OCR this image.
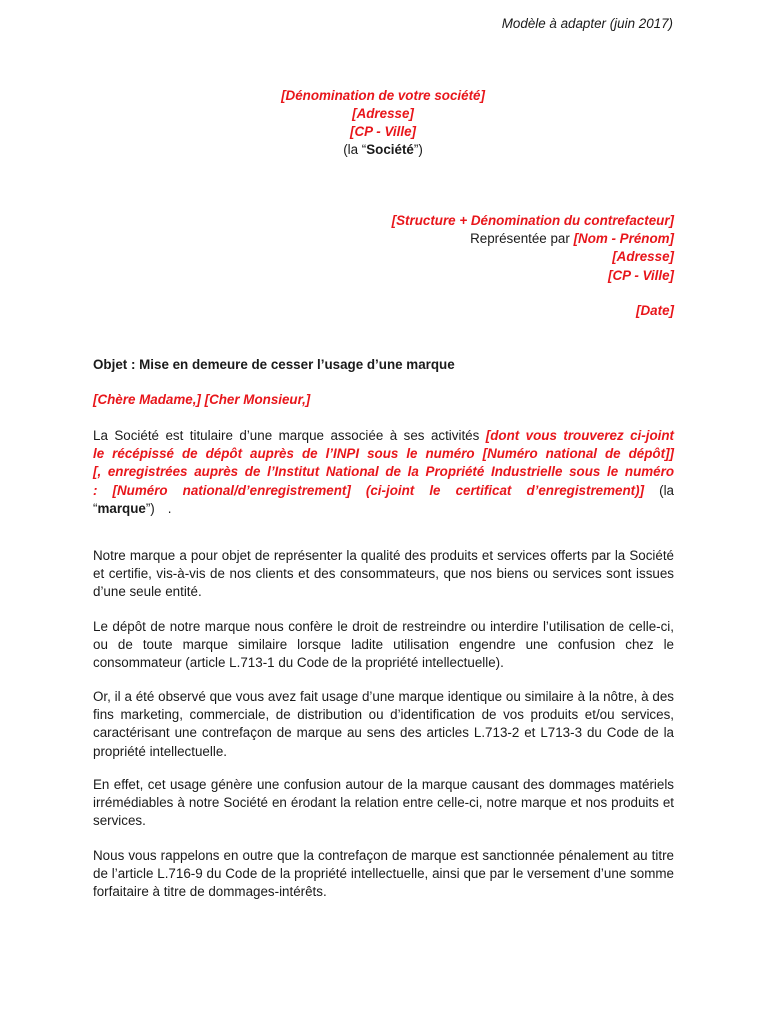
Modèle à adapter (juin 2017)
[Dénomination de votre société]
[Adresse]
[CP - Ville]
(la “Société”)
[Structure + Dénomination du contrefacteur]
Représentée par [Nom - Prénom]
[Adresse]
[CP - Ville]
[Date]
Objet : Mise en demeure de cesser l’usage d’une marque
[Chère Madame,] [Cher Monsieur,]
La Société est titulaire d’une marque associée à ses activités [dont vous trouverez ci-joint
le récépissé de dépôt auprès de l’INPI sous le numéro [Numéro national de dépôt]]
[, enregistrées auprès de l’Institut National de la Propriété Industrielle sous le numéro
: [Numéro national/d’enregistrement] (ci-joint le certificat d’enregistrement)] (la
“marque”) .
Notre marque a pour objet de représenter la qualité des produits et services offerts par la Société et certifie, vis-à-vis de nos clients et des consommateurs, que nos biens ou services sont issues d’une seule entité.
Le dépôt de notre marque nous confère le droit de restreindre ou interdire l’utilisation de celle-ci, ou de toute marque similaire lorsque ladite utilisation engendre une confusion chez le consommateur (article L.713-1 du Code de la propriété intellectuelle).
Or, il a été observé que vous avez fait usage d’une marque identique ou similaire à la nôtre, à des fins marketing, commerciale, de distribution ou d’identification de vos produits et/ou services, caractérisant une contrefaçon de marque au sens des articles L.713-2 et L713-3 du Code de la propriété intellectuelle.
En effet, cet usage génère une confusion autour de la marque causant des dommages matériels irrémédiables à notre Société en érodant la relation entre celle-ci, notre marque et nos produits et services.
Nous vous rappelons en outre que la contrefaçon de marque est sanctionnée pénalement au titre de l’article L.716-9 du Code de la propriété intellectuelle, ainsi que par le versement d’une somme forfaitaire à titre de dommages-intérêts.
